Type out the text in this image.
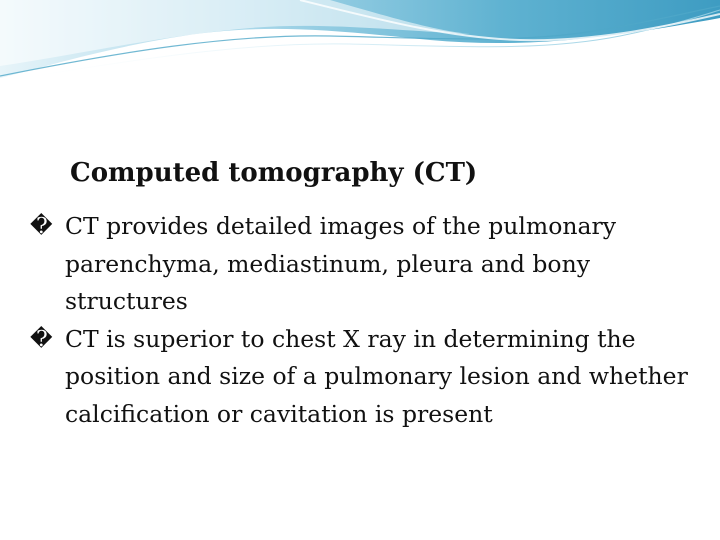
Computed tomography (CT)
� CT provides detailed images of the pulmonary parenchyma, mediastinum, pleura and bony structures
� CT is superior to chest X ray in determining the position and size of a pulmonary lesion and whether calcification or cavitation is present
